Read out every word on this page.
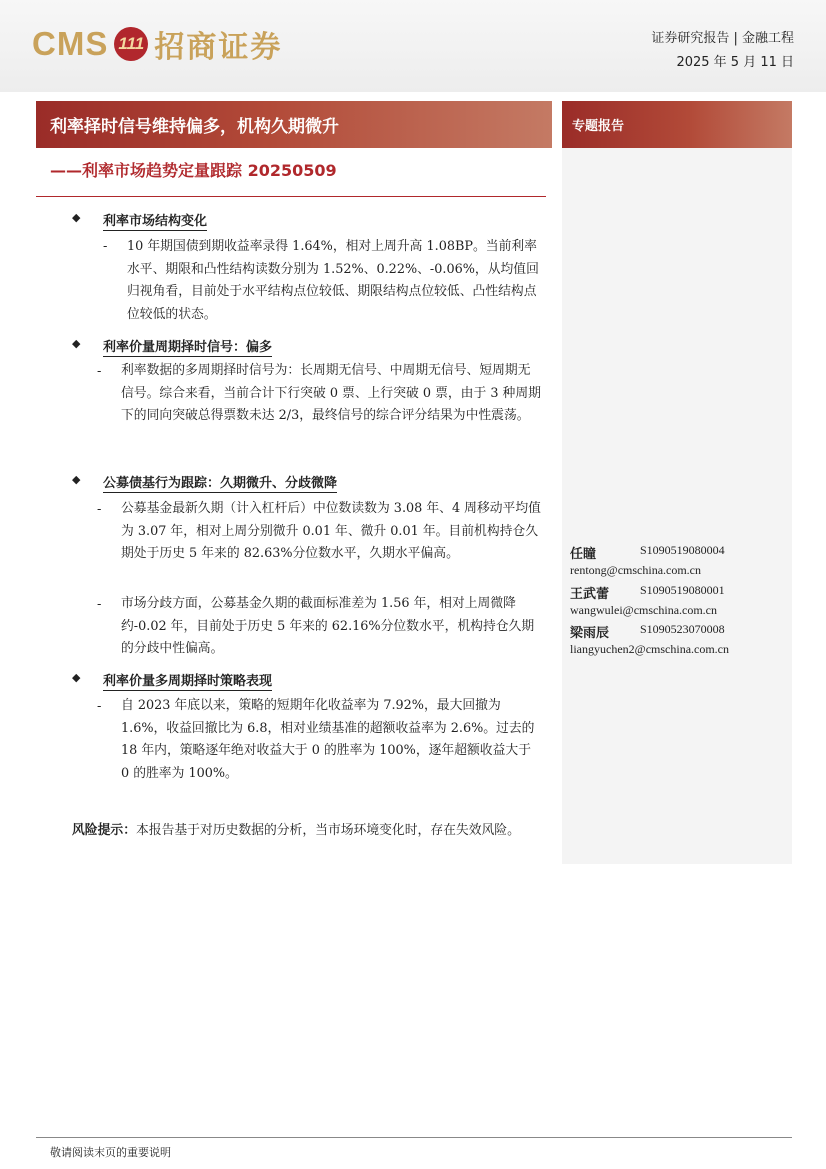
CMS 111 招商证券	证券研究报告 | 金融工程
2025 年 5 月 11 日
利率择时信号维持偏多，机构久期微升
——利率市场趋势定量跟踪 20250509
专题报告
◆ 利率市场结构变化
- 10 年期国债到期收益率录得 1.64%，相对上周升高 1.08BP。当前利率水平、期限和凸性结构读数分别为 1.52%、0.22%、-0.06%，从均值回归视角看，目前处于水平结构点位较低、期限结构点位较低、凸性结构点位较低的状态。
◆ 利率价量周期择时信号：偏多
- 利率数据的多周期择时信号为：长周期无信号、中周期无信号、短周期无信号。综合来看，当前合计下行突破 0 票、上行突破 0 票，由于 3 种周期下的同向突破总得票数未达 2/3，最终信号的综合评分结果为中性震荡。
◆ 公募债基行为跟踪：久期微升、分歧微降
- 公募基金最新久期（计入杠杆后）中位数读数为 3.08 年、4 周移动平均值为 3.07 年，相对上周分别微升 0.01 年、微升 0.01 年。目前机构持仓久期处于历史 5 年来的 82.63%分位数水平，久期水平偏高。
- 市场分歧方面，公募基金久期的截面标准差为 1.56 年，相对上周微降约-0.02 年，目前处于历史 5 年来的 62.16%分位数水平，机构持仓久期的分歧中性偏高。
◆ 利率价量多周期择时策略表现
- 自 2023 年底以来，策略的短期年化收益率为 7.92%，最大回撤为 1.6%，收益回撤比为 6.8，相对业绩基准的超额收益率为 2.6%。过去的 18 年内，策略逐年绝对收益大于 0 的胜率为 100%，逐年超额收益大于 0 的胜率为 100%。
风险提示：本报告基于对历史数据的分析，当市场环境变化时，存在失效风险。
任瞳	S1090519080004
rentong@cmschina.com.cn
王武蕾	S1090519080001
wangwulei@cmschina.com.cn
梁雨辰	S1090523070008
liangyuchen2@cmschina.com.cn
敬请阅读末页的重要说明
